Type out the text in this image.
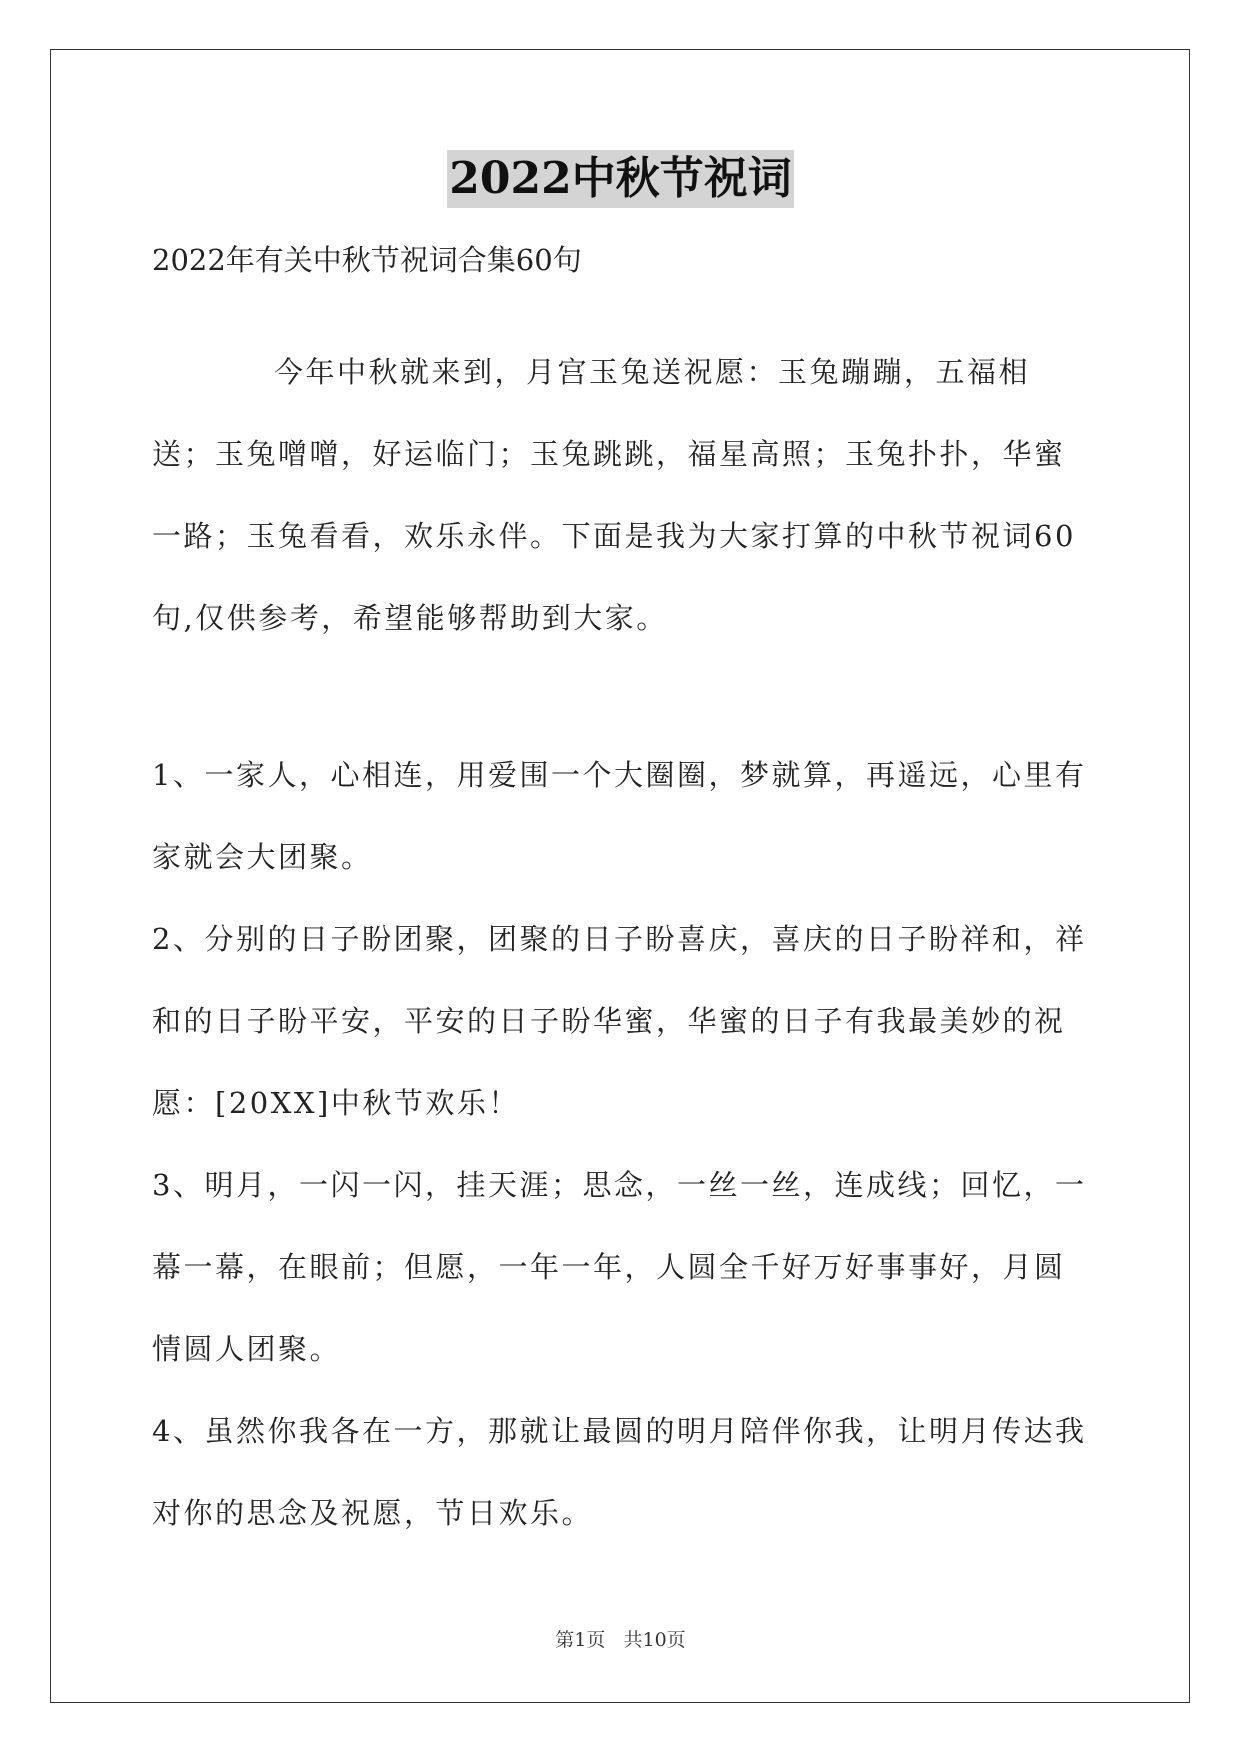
2022中秋节祝词
2022年有关中秋节祝词合集60句

今年中秋就来到，月宫玉兔送祝愿：玉兔蹦蹦，五福相送；玉兔噌噌，好运临门；玉兔跳跳，福星高照；玉兔扑扑，华蜜一路；玉兔看看，欢乐永伴。下面是我为大家打算的中秋节祝词60句,仅供参考，希望能够帮助到大家。

1、一家人，心相连，用爱围一个大圈圈，梦就算，再遥远，心里有家就会大团聚。

2、分别的日子盼团聚，团聚的日子盼喜庆，喜庆的日子盼祥和，祥和的日子盼平安，平安的日子盼华蜜，华蜜的日子有我最美妙的祝愿：[20XX]中秋节欢乐！

3、明月，一闪一闪，挂天涯；思念，一丝一丝，连成线；回忆，一幕一幕，在眼前；但愿，一年一年，人圆全千好万好事事好，月圆情圆人团聚。

4、虽然你我各在一方，那就让最圆的明月陪伴你我，让明月传达我对你的思念及祝愿，节日欢乐。

第1页   共10页
